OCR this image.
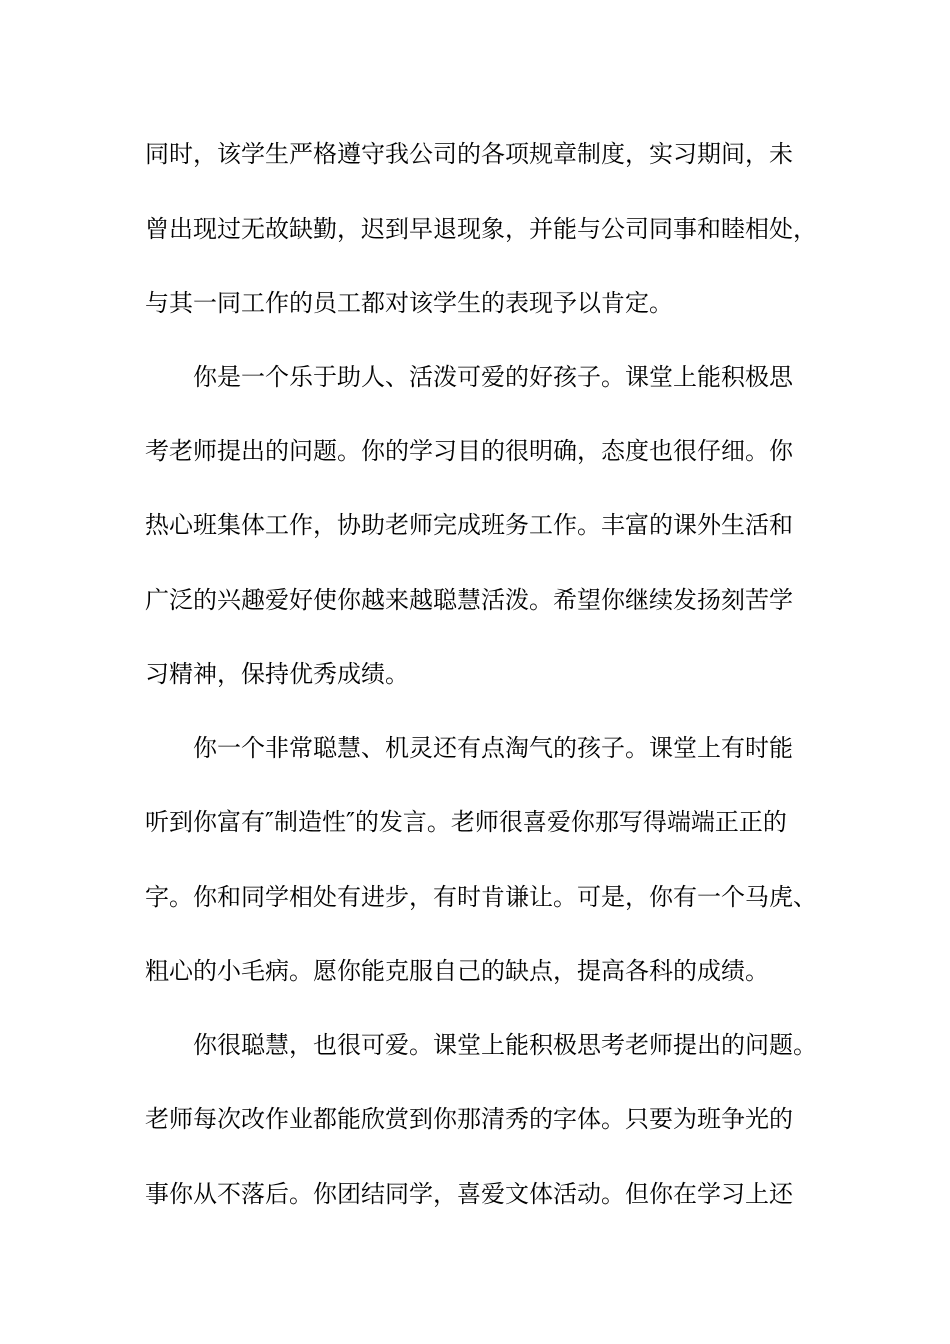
同时，该学生严格遵守我公司的各项规章制度，实习期间，未
曾出现过无故缺勤，迟到早退现象，并能与公司同事和睦相处，
与其一同工作的员工都对该学生的表现予以肯定。
你是一个乐于助人、活泼可爱的好孩子。课堂上能积极思
考老师提出的问题。你的学习目的很明确，态度也很仔细。你
热心班集体工作，协助老师完成班务工作。丰富的课外生活和
广泛的兴趣爱好使你越来越聪慧活泼。希望你继续发扬刻苦学
习精神，保持优秀成绩。
你一个非常聪慧、机灵还有点淘气的孩子。课堂上有时能
听到你富有″制造性″的发言。老师很喜爱你那写得端端正正的
字。你和同学相处有进步，有时肯谦让。可是，你有一个马虎、
粗心的小毛病。愿你能克服自己的缺点，提高各科的成绩。
你很聪慧，也很可爱。课堂上能积极思考老师提出的问题。
老师每次改作业都能欣赏到你那清秀的字体。只要为班争光的
事你从不落后。你团结同学，喜爱文体活动。但你在学习上还
